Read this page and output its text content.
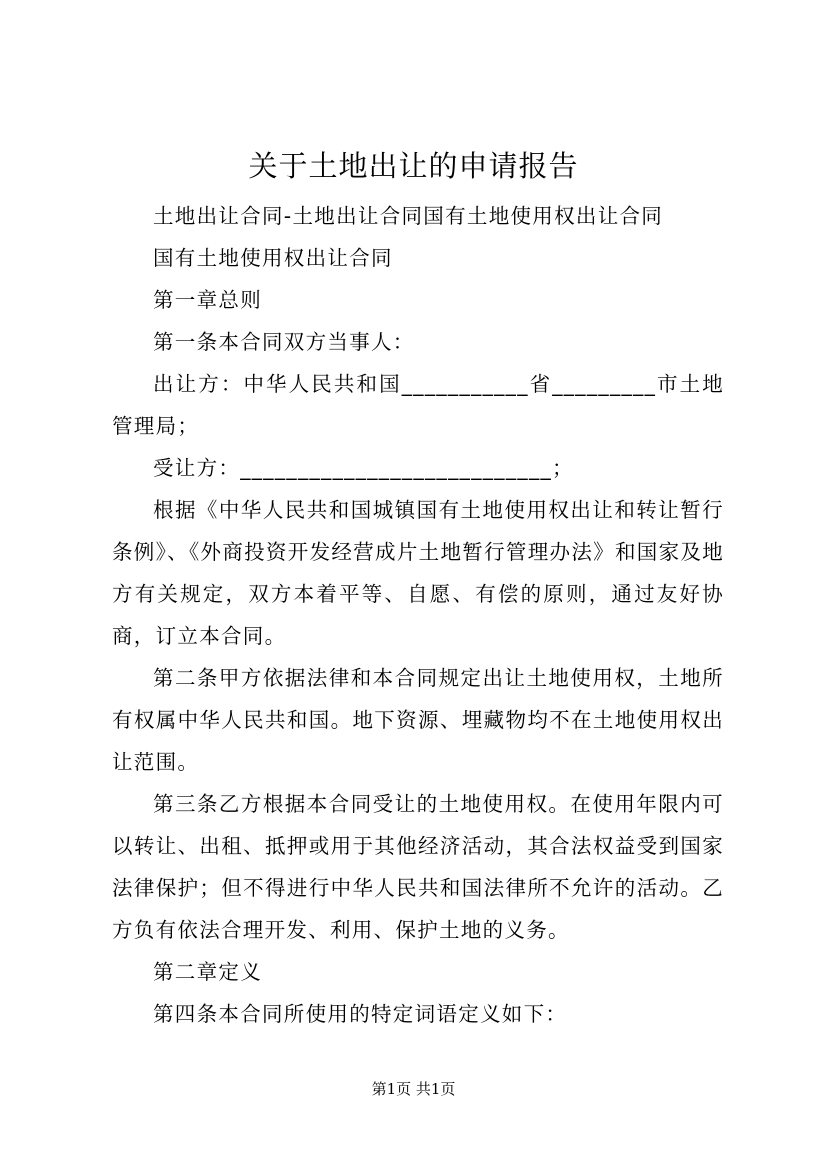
关于土地出让的申请报告

土地出让合同-土地出让合同国有土地使用权出让合同

国有土地使用权出让合同

第一章总则

第一条本合同双方当事人：

出让方：中华人民共和国___________省_________市土地管理局；

受让方：___________________________；

根据《中华人民共和国城镇国有土地使用权出让和转让暂行条例》、《外商投资开发经营成片土地暂行管理办法》和国家及地方有关规定，双方本着平等、自愿、有偿的原则，通过友好协商，订立本合同。

第二条甲方依据法律和本合同规定出让土地使用权，土地所有权属中华人民共和国。地下资源、埋藏物均不在土地使用权出让范围。

第三条乙方根据本合同受让的土地使用权。在使用年限内可以转让、出租、抵押或用于其他经济活动，其合法权益受到国家法律保护；但不得进行中华人民共和国法律所不允许的活动。乙方负有依法合理开发、利用、保护土地的义务。

第二章定义

第四条本合同所使用的特定词语定义如下：

第1页 共1页
